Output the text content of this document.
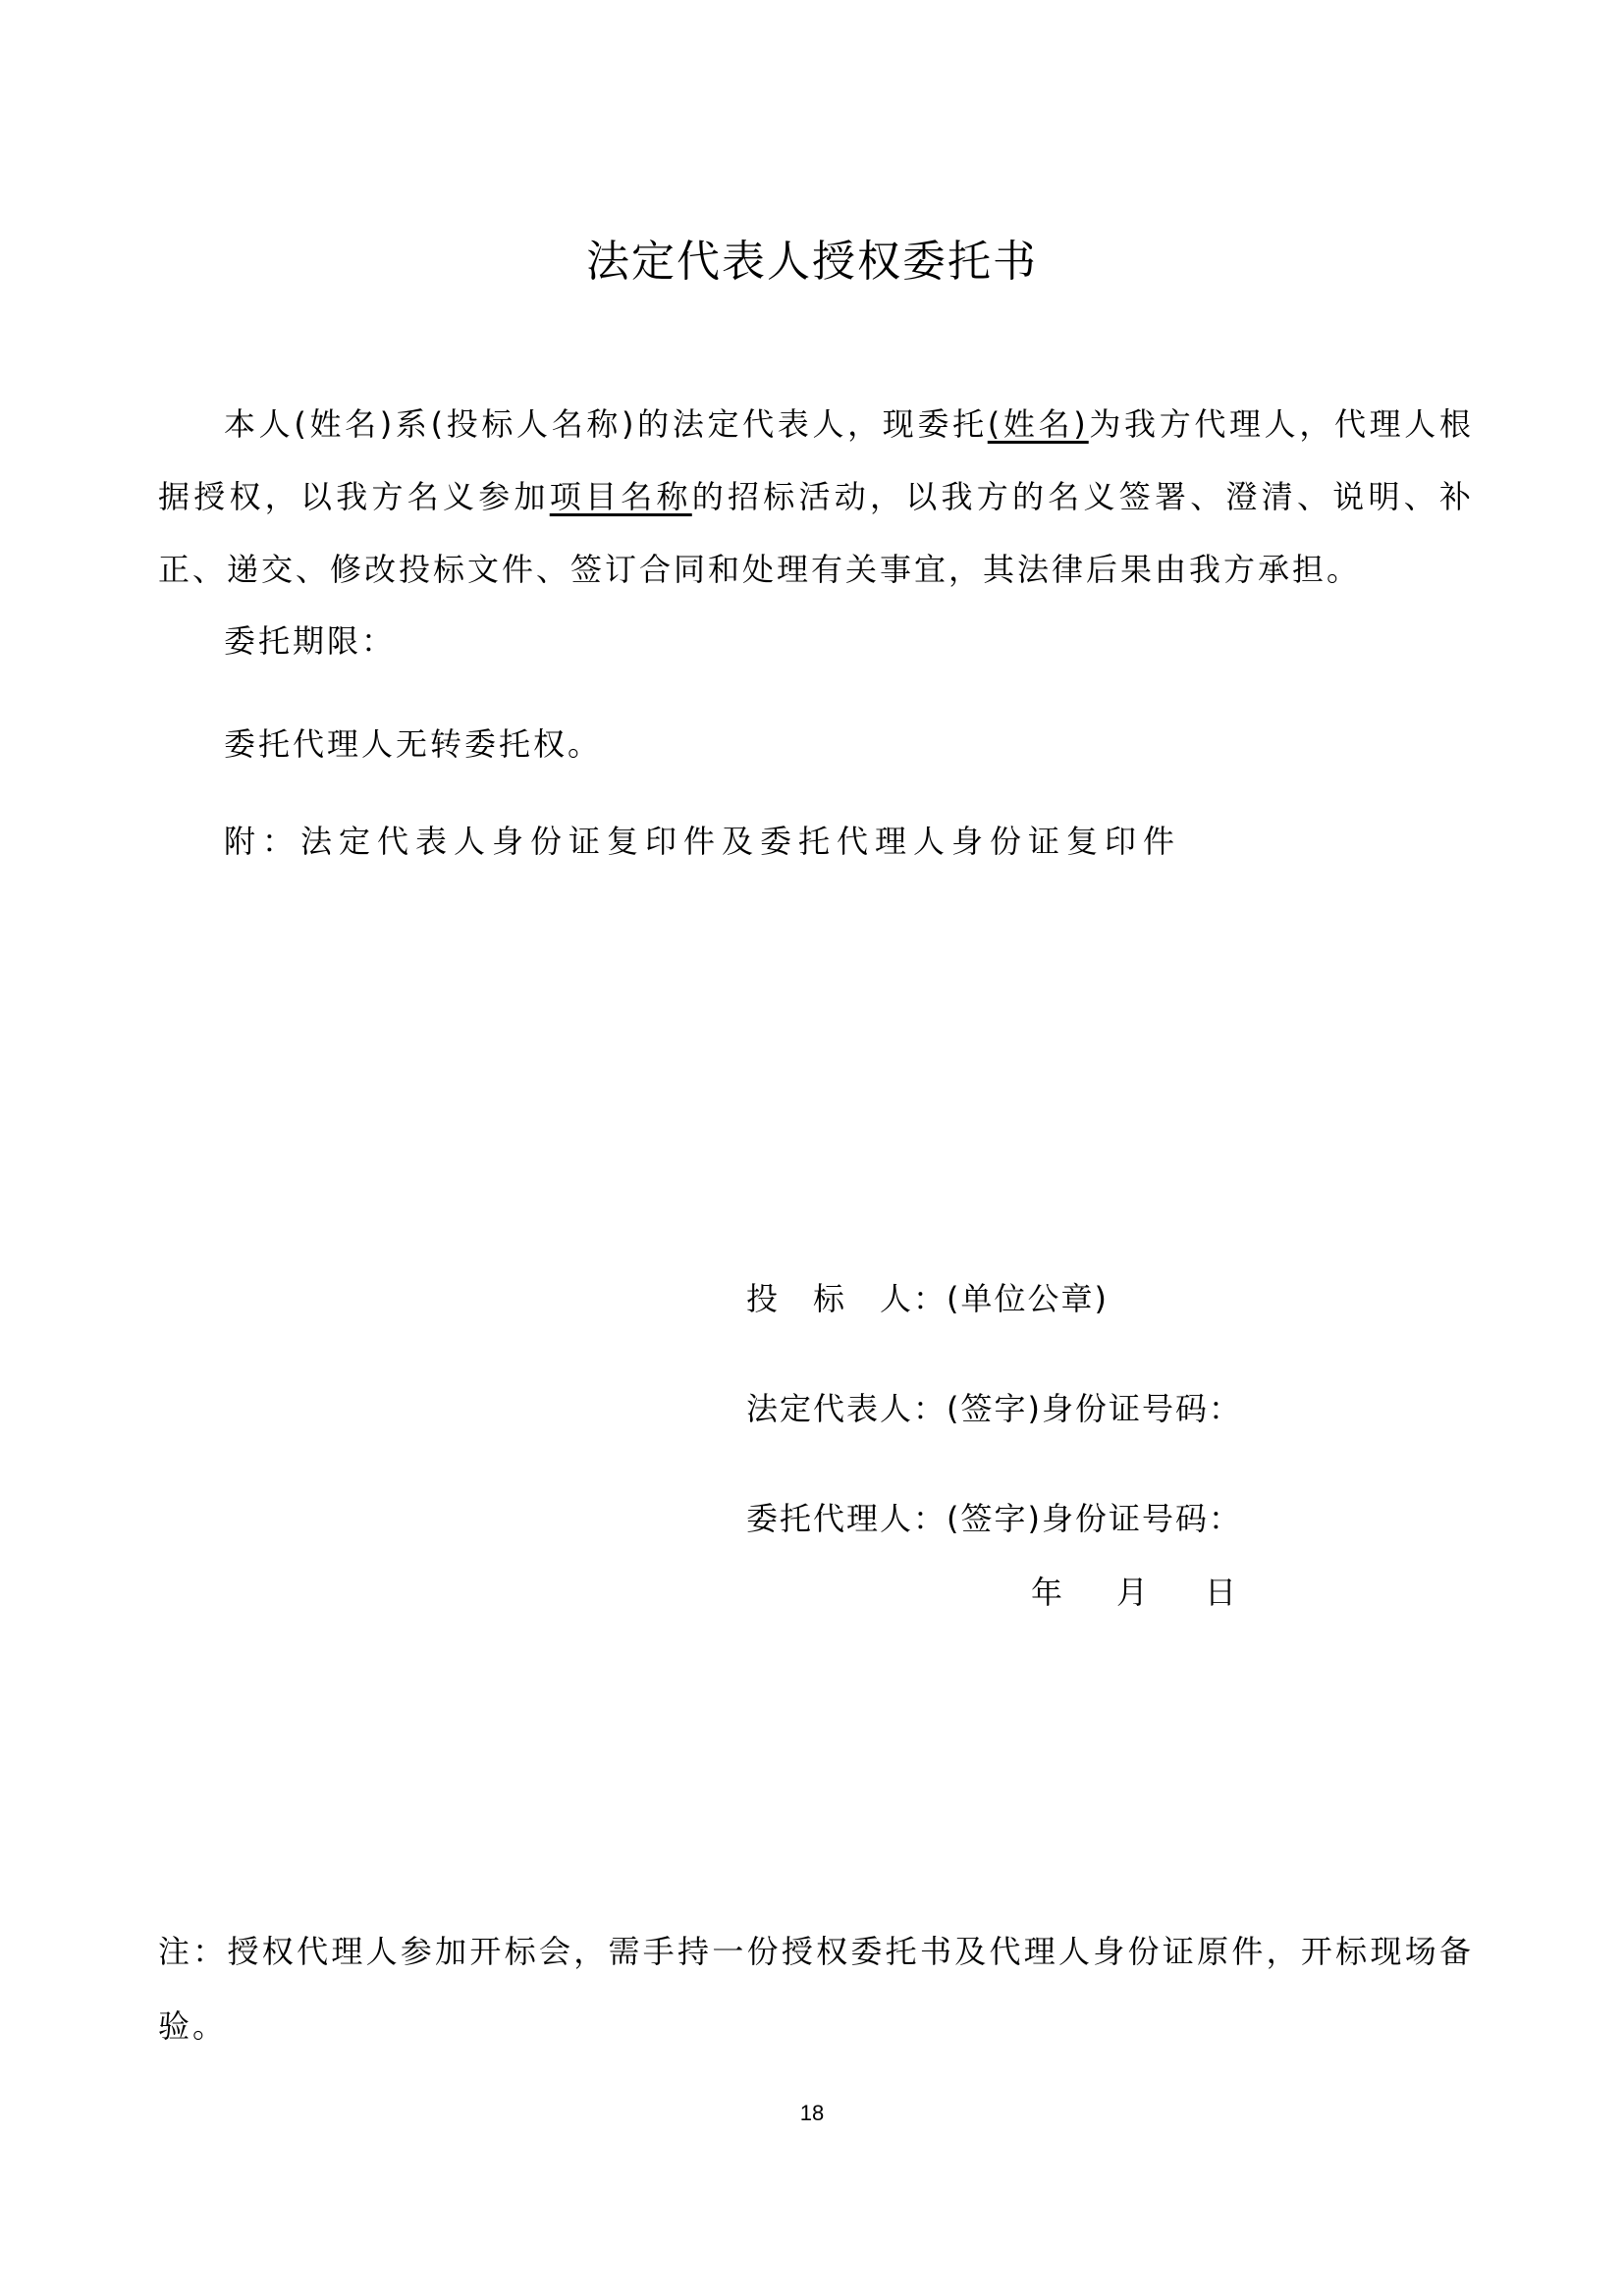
法定代表人授权委托书
本人(姓名)系(投标人名称)的法定代表人，现委托(姓名)为我方代理人，代理人根据授权，以我方名义参加项目名称的招标活动，以我方的名义签署、澄清、说明、补正、递交、修改投标文件、签订合同和处理有关事宜，其法律后果由我方承担。
委托期限：
委托代理人无转委托权。
附：法定代表人身份证复印件及委托代理人身份证复印件
投　标　人：(单位公章)
法定代表人：(签字)身份证号码：
委托代理人：(签字)身份证号码：
年 月 日
注：授权代理人参加开标会，需手持一份授权委托书及代理人身份证原件，开标现场备验。
18
